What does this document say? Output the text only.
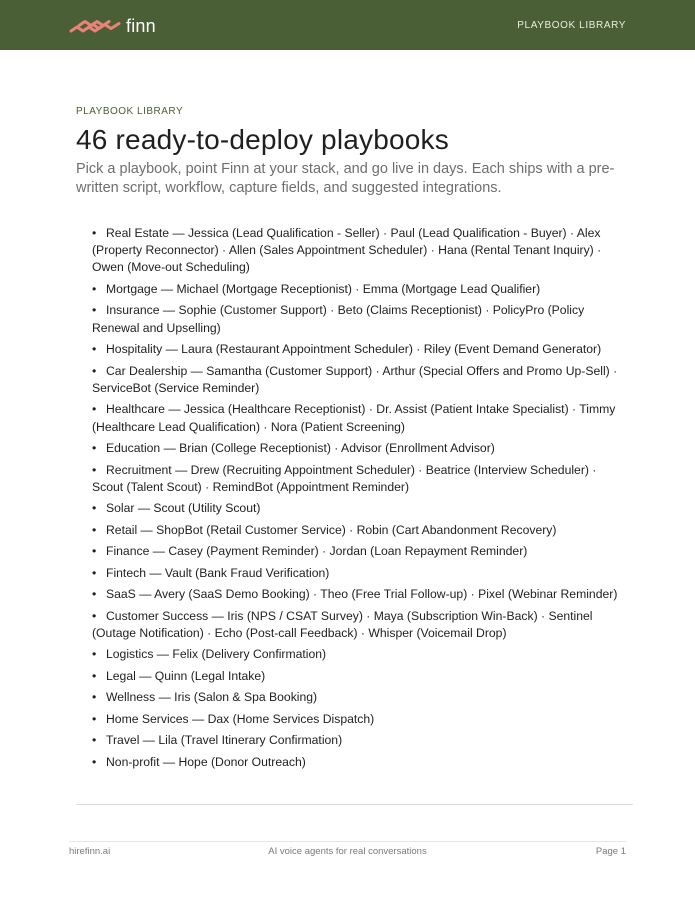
finn	PLAYBOOK LIBRARY
PLAYBOOK LIBRARY
46 ready-to-deploy playbooks

Pick a playbook, point Finn at your stack, and go live in days. Each ships with a pre-written script, workflow, capture fields, and suggested integrations.

• Real Estate — Jessica (Lead Qualification - Seller) · Paul (Lead Qualification - Buyer) · Alex (Property Reconnector) · Allen (Sales Appointment Scheduler) · Hana (Rental Tenant Inquiry) · Owen (Move-out Scheduling)
• Mortgage — Michael (Mortgage Receptionist) · Emma (Mortgage Lead Qualifier)
• Insurance — Sophie (Customer Support) · Beto (Claims Receptionist) · PolicyPro (Policy Renewal and Upselling)
• Hospitality — Laura (Restaurant Appointment Scheduler) · Riley (Event Demand Generator)
• Car Dealership — Samantha (Customer Support) · Arthur (Special Offers and Promo Up-Sell) · ServiceBot (Service Reminder)
• Healthcare — Jessica (Healthcare Receptionist) · Dr. Assist (Patient Intake Specialist) · Timmy (Healthcare Lead Qualification) · Nora (Patient Screening)
• Education — Brian (College Receptionist) · Advisor (Enrollment Advisor)
• Recruitment — Drew (Recruiting Appointment Scheduler) · Beatrice (Interview Scheduler) · Scout (Talent Scout) · RemindBot (Appointment Reminder)
• Solar — Scout (Utility Scout)
• Retail — ShopBot (Retail Customer Service) · Robin (Cart Abandonment Recovery)
• Finance — Casey (Payment Reminder) · Jordan (Loan Repayment Reminder)
• Fintech — Vault (Bank Fraud Verification)
• SaaS — Avery (SaaS Demo Booking) · Theo (Free Trial Follow-up) · Pixel (Webinar Reminder)
• Customer Success — Iris (NPS / CSAT Survey) · Maya (Subscription Win-Back) · Sentinel (Outage Notification) · Echo (Post-call Feedback) · Whisper (Voicemail Drop)
• Logistics — Felix (Delivery Confirmation)
• Legal — Quinn (Legal Intake)
• Wellness — Iris (Salon & Spa Booking)
• Home Services — Dax (Home Services Dispatch)
• Travel — Lila (Travel Itinerary Confirmation)
• Non-profit — Hope (Donor Outreach)
hirefinn.ai	AI voice agents for real conversations	Page 1
